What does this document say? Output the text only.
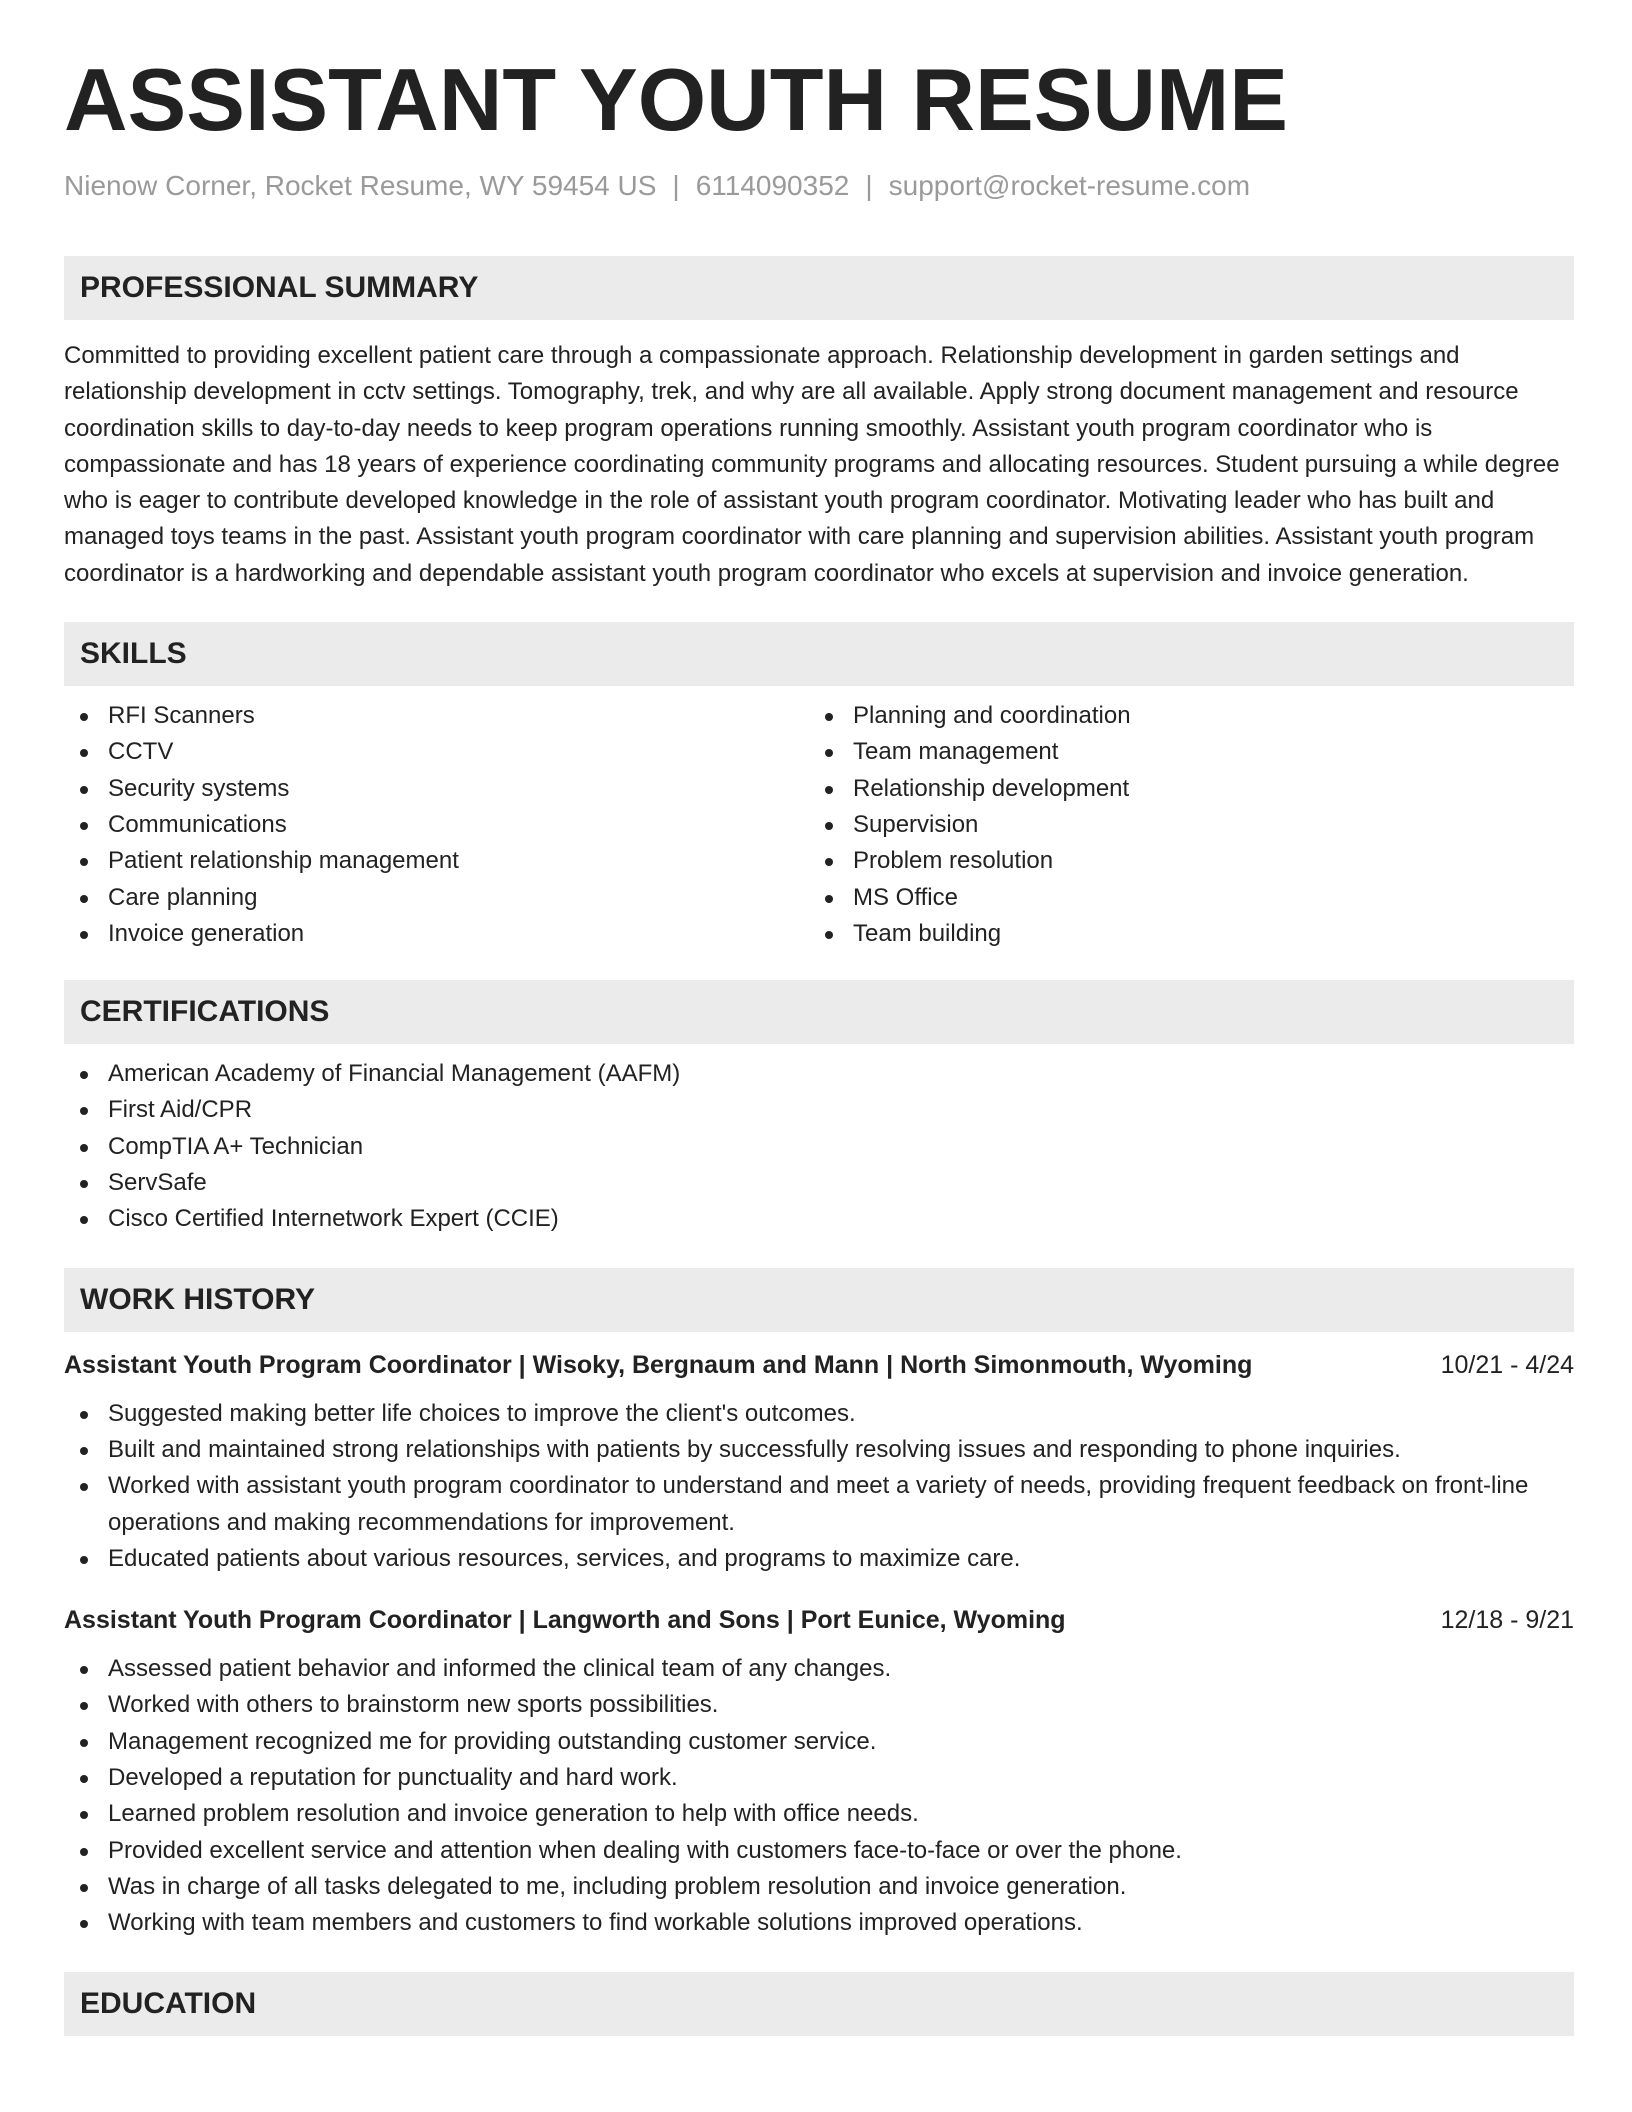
ASSISTANT YOUTH RESUME
Nienow Corner, Rocket Resume, WY 59454 US | 6114090352 | support@rocket-resume.com
PROFESSIONAL SUMMARY

Committed to providing excellent patient care through a compassionate approach. Relationship development in garden settings and relationship development in cctv settings. Tomography, trek, and why are all available. Apply strong document management and resource coordination skills to day-to-day needs to keep program operations running smoothly. Assistant youth program coordinator who is compassionate and has 18 years of experience coordinating community programs and allocating resources. Student pursuing a while degree who is eager to contribute developed knowledge in the role of assistant youth program coordinator. Motivating leader who has built and managed toys teams in the past. Assistant youth program coordinator with care planning and supervision abilities. Assistant youth program coordinator is a hardworking and dependable assistant youth program coordinator who excels at supervision and invoice generation.

SKILLS
RFI Scanners
CCTV
Security systems
Communications
Patient relationship management
Care planning
Invoice generation
Planning and coordination
Team management
Relationship development
Supervision
Problem resolution
MS Office
Team building
CERTIFICATIONS
American Academy of Financial Management (AAFM)
First Aid/CPR
CompTIA A+ Technician
ServSafe
Cisco Certified Internetwork Expert (CCIE)
WORK HISTORY
Assistant Youth Program Coordinator | Wisoky, Bergnaum and Mann | North Simonmouth, Wyoming	10/21 - 4/24
Suggested making better life choices to improve the client's outcomes.
Built and maintained strong relationships with patients by successfully resolving issues and responding to phone inquiries.
Worked with assistant youth program coordinator to understand and meet a variety of needs, providing frequent feedback on front-line operations and making recommendations for improvement.
Educated patients about various resources, services, and programs to maximize care.
Assistant Youth Program Coordinator | Langworth and Sons | Port Eunice, Wyoming	12/18 - 9/21
Assessed patient behavior and informed the clinical team of any changes.
Worked with others to brainstorm new sports possibilities.
Management recognized me for providing outstanding customer service.
Developed a reputation for punctuality and hard work.
Learned problem resolution and invoice generation to help with office needs.
Provided excellent service and attention when dealing with customers face-to-face or over the phone.
Was in charge of all tasks delegated to me, including problem resolution and invoice generation.
Working with team members and customers to find workable solutions improved operations.
EDUCATION
